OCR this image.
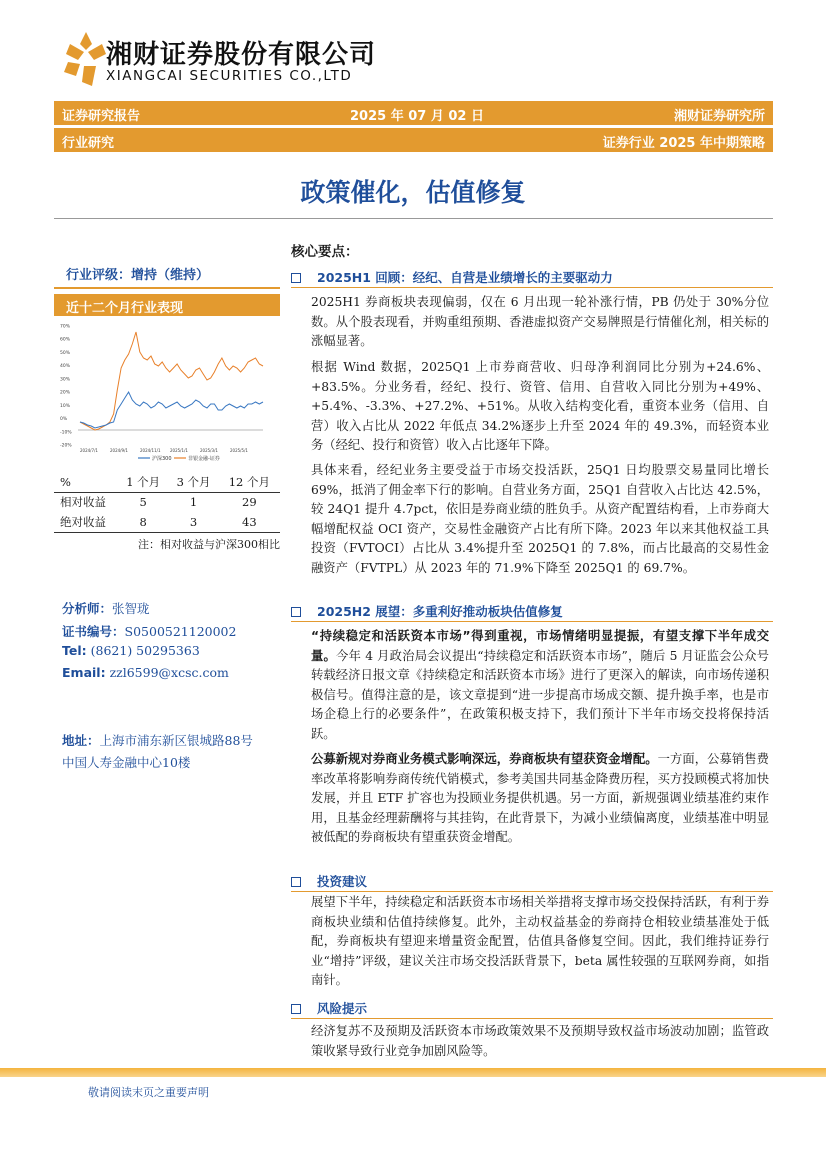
湘财证券股份有限公司
XIANGCAI SECURITIES CO.,LTD
证券研究报告	2025 年 07 月 02 日	湘财证券研究所
行业研究	证券行业 2025 年中期策略
政策催化，估值修复
行业评级：增持（维持）
近十二个月行业表现
70%
60%
50%
40%
30%
20%
10%
0%
-10%
-20%
2024/7/1	2024/9/1	2024/11/1 2025/1/1	2025/3/1	2025/5/1
沪深300	非银金融-证券
%	1 个月	3 个月	12 个月
相对收益	5	1	29
绝对收益	8	3	43
注：相对收益与沪深300相比
分析师：张智珑
证书编号：S0500521120002
Tel: (8621) 50295363
Email: zzl6599@xcsc.com
地址：上海市浦东新区银城路88号
中国人寿金融中心10楼
核心要点：
2025H1 回顾：经纪、自营是业绩增长的主要驱动力
2025H1 券商板块表现偏弱，仅在 6 月出现一轮补涨行情，PB 仍处于 30%分位数。从个股表现看，并购重组预期、香港虚拟资产交易牌照是行情催化剂，相关标的涨幅显著。
根据 Wind 数据，2025Q1 上市券商营收、归母净利润同比分别为+24.6%、+83.5%。分业务看，经纪、投行、资管、信用、自营收入同比分别为+49%、+5.4%、-3.3%、+27.2%、+51%。从收入结构变化看，重资本业务（信用、自营）收入占比从 2022 年低点 34.2%逐步上升至 2024 年的 49.3%，而轻资本业务（经纪、投行和资管）收入占比逐年下降。
具体来看，经纪业务主要受益于市场交投活跃，25Q1 日均股票交易量同比增长 69%，抵消了佣金率下行的影响。自营业务方面，25Q1 自营收入占比达 42.5%，较 24Q1 提升 4.7pct，依旧是券商业绩的胜负手。从资产配置结构看，上市券商大幅增配权益 OCI 资产，交易性金融资产占比有所下降。2023 年以来其他权益工具投资（FVTOCI）占比从 3.4%提升至 2025Q1 的 7.8%，而占比最高的交易性金融资产（FVTPL）从 2023 年的 71.9%下降至 2025Q1 的 69.7%。
2025H2 展望：多重利好推动板块估值修复
“持续稳定和活跃资本市场”得到重视，市场情绪明显提振，有望支撑下半年成交量。今年 4 月政治局会议提出“持续稳定和活跃资本市场”，随后 5 月证监会公众号转载经济日报文章《持续稳定和活跃资本市场》进行了更深入的解读，向市场传递积极信号。值得注意的是，该文章提到“进一步提高市场成交额、提升换手率，也是市场企稳上行的必要条件”，在政策积极支持下，我们预计下半年市场交投将保持活跃。
公募新规对券商业务模式影响深远，券商板块有望获资金增配。一方面，公募销售费率改革将影响券商传统代销模式，参考美国共同基金降费历程，买方投顾模式将加快发展，并且 ETF 扩容也为投顾业务提供机遇。另一方面，新规强调业绩基准约束作用，且基金经理薪酬将与其挂钩，在此背景下，为减小业绩偏离度，业绩基准中明显被低配的券商板块有望重获资金增配。
投资建议
展望下半年，持续稳定和活跃资本市场相关举措将支撑市场交投保持活跃，有利于券商板块业绩和估值持续修复。此外，主动权益基金的券商持仓相较业绩基准处于低配，券商板块有望迎来增量资金配置，估值具备修复空间。因此，我们维持证券行业“增持”评级，建议关注市场交投活跃背景下，beta 属性较强的互联网券商，如指南针。
风险提示
经济复苏不及预期及活跃资本市场政策效果不及预期导致权益市场波动加剧；监管政策收紧导致行业竞争加剧风险等。
敬请阅读末页之重要声明
